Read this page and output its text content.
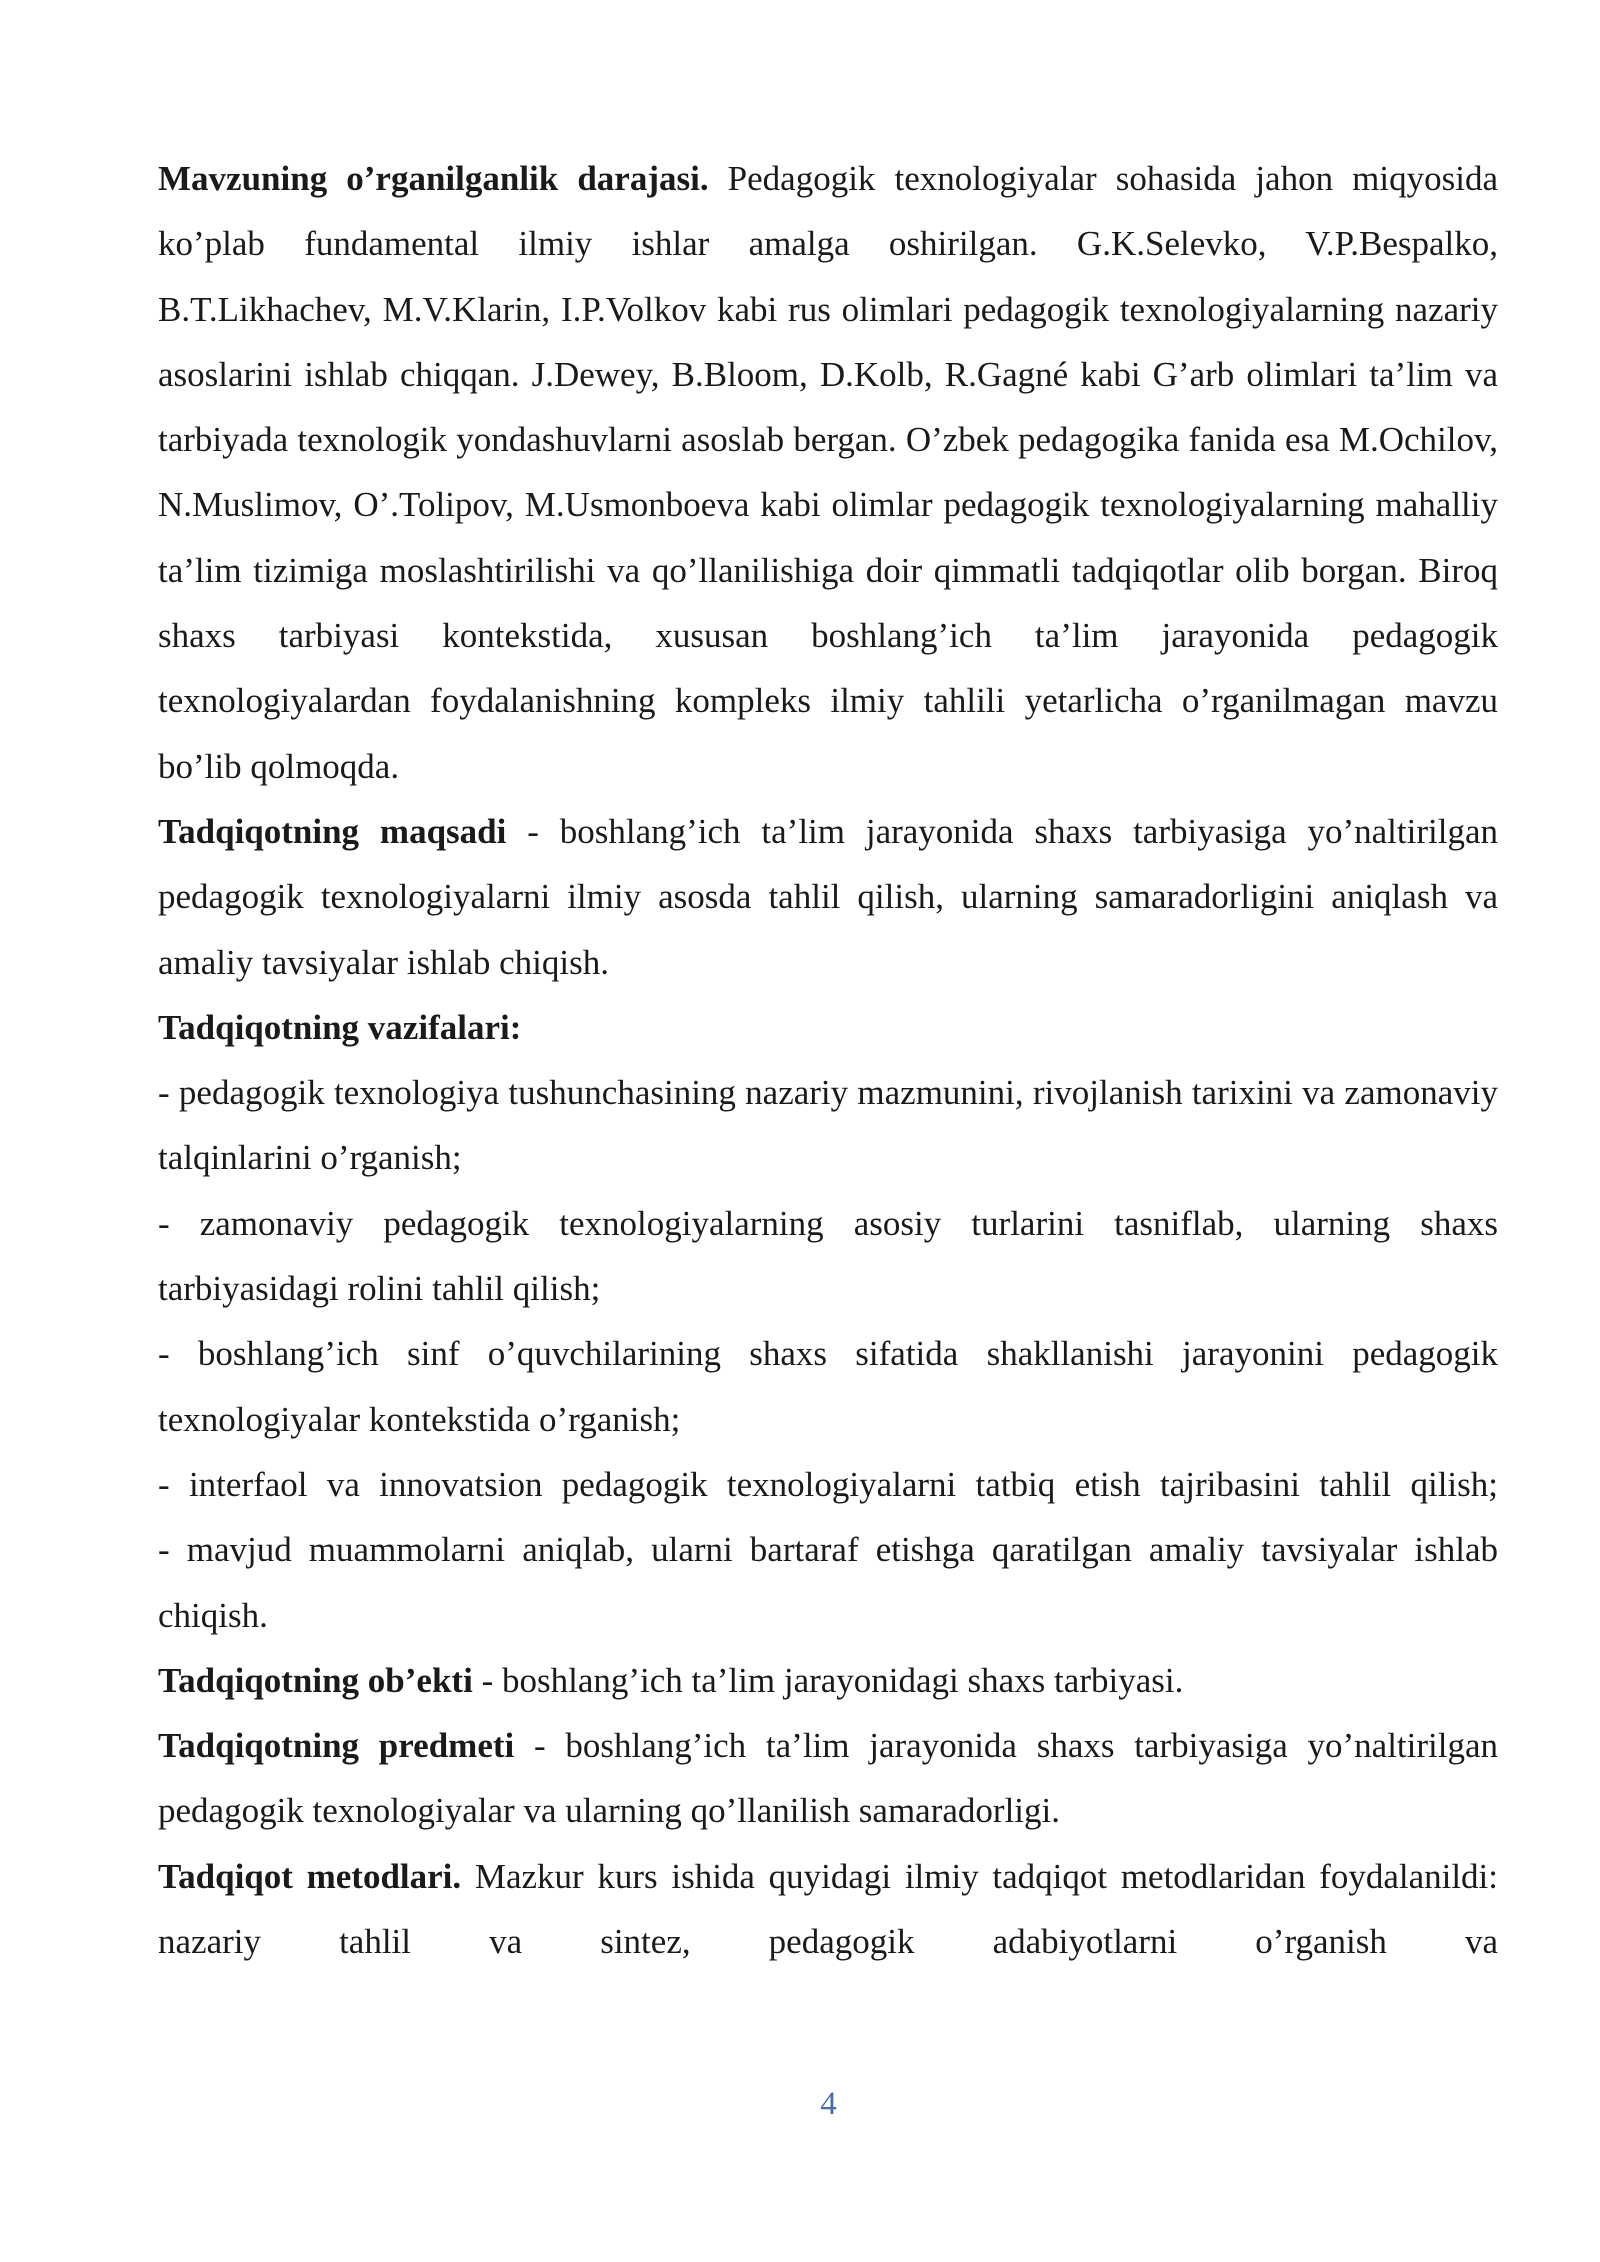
Mavzuning o’rganilganlik darajasi. Pedagogik texnologiyalar sohasida jahon miqyosida ko’plab fundamental ilmiy ishlar amalga oshirilgan. G.K.Selevko, V.P.Bespalko, B.T.Likhachev, M.V.Klarin, I.P.Volkov kabi rus olimlari pedagogik texnologiyalarning nazariy asoslarini ishlab chiqqan. J.Dewey, B.Bloom, D.Kolb, R.Gagné kabi G’arb olimlari ta’lim va tarbiyada texnologik yondashuvlarni asoslab bergan. O’zbek pedagogika fanida esa M.Ochilov, N.Muslimov, O’.Tolipov, M.Usmonboeva kabi olimlar pedagogik texnologiyalarning mahalliy ta’lim tizimiga moslashtirilishi va qo’llanilishiga doir qimmatli tadqiqotlar olib borgan. Biroq shaxs tarbiyasi kontekstida, xususan boshlang’ich ta’lim jarayonida pedagogik texnologiyalardan foydalanishning kompleks ilmiy tahlili yetarlicha o’rganilmagan mavzu bo’lib qolmoqda.

Tadqiqotning maqsadi - boshlang’ich ta’lim jarayonida shaxs tarbiyasiga yo’naltirilgan pedagogik texnologiyalarni ilmiy asosda tahlil qilish, ularning samaradorligini aniqlash va amaliy tavsiyalar ishlab chiqish.

Tadqiqotning vazifalari:

- pedagogik texnologiya tushunchasining nazariy mazmunini, rivojlanish tarixini va zamonaviy talqinlarini o’rganish;

- zamonaviy pedagogik texnologiyalarning asosiy turlarini tasniflab, ularning shaxs tarbiyasidagi rolini tahlil qilish;

- boshlang’ich sinf o’quvchilarining shaxs sifatida shakllanishi jarayonini pedagogik texnologiyalar kontekstida o’rganish;

- interfaol va innovatsion pedagogik texnologiyalarni tatbiq etish tajribasini tahlil qilish;

- mavjud muammolarni aniqlab, ularni bartaraf etishga qaratilgan amaliy tavsiyalar ishlab chiqish.

Tadqiqotning ob’ekti - boshlang’ich ta’lim jarayonidagi shaxs tarbiyasi.

Tadqiqotning predmeti - boshlang’ich ta’lim jarayonida shaxs tarbiyasiga yo’naltirilgan pedagogik texnologiyalar va ularning qo’llanilish samaradorligi.

Tadqiqot metodlari. Mazkur kurs ishida quyidagi ilmiy tadqiqot metodlaridan foydalanildi: nazariy tahlil va sintez, pedagogik adabiyotlarni o’rganish va

4
